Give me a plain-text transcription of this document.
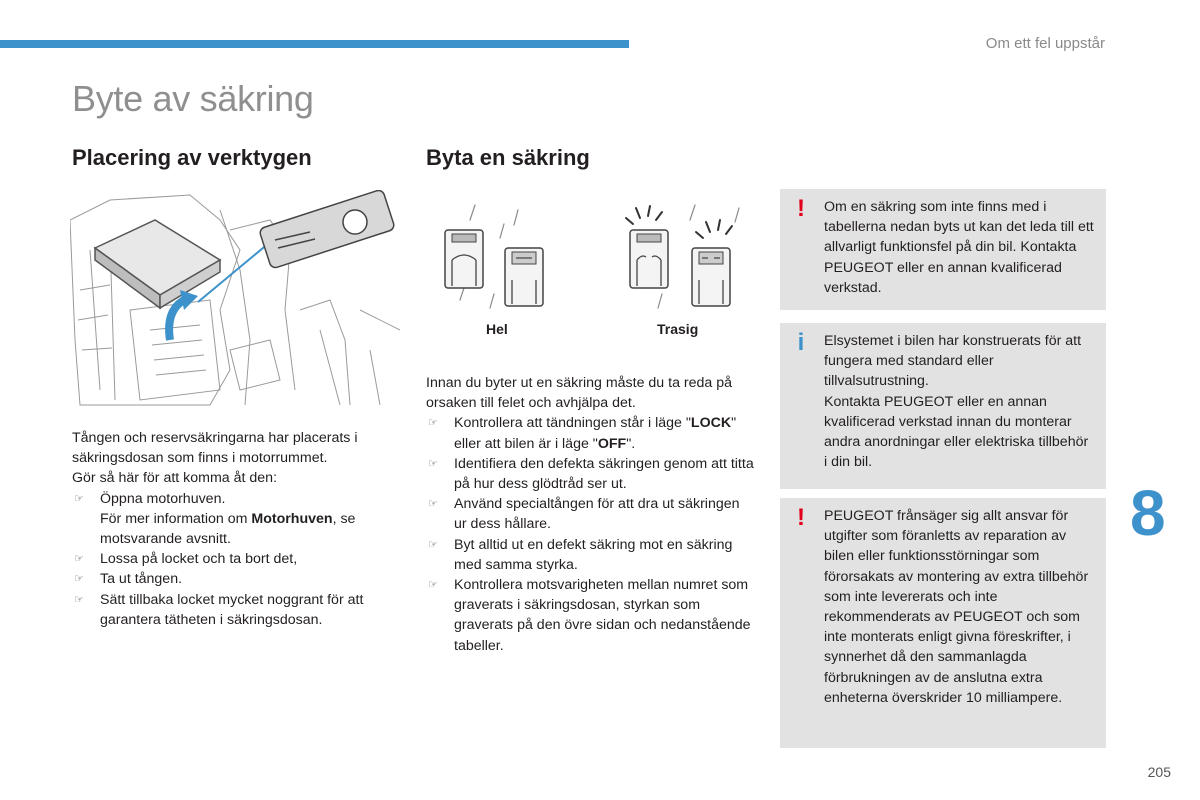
Om ett fel uppstår
Byte av säkring
Placering av verktygen
Tången och reservsäkringarna har placerats i
säkringsdosan som finns i motorrummet.
Gör så här för att komma åt den:
☞ Öppna motorhuven.
För mer information om Motorhuven, se motsvarande avsnitt.
☞ Lossa på locket och ta bort det,
☞ Ta ut tången.
☞ Sätt tillbaka locket mycket noggrant för att garantera tätheten i säkringsdosan.
Byta en säkring
Hel	Trasig
Innan du byter ut en säkring måste du ta reda på orsaken till felet och avhjälpa det.
☞ Kontrollera att tändningen står i läge "LOCK" eller att bilen är i läge "OFF".
☞ Identifiera den defekta säkringen genom att titta på hur dess glödtråd ser ut.
☞ Använd specialtången för att dra ut säkringen ur dess hållare.
☞ Byt alltid ut en defekt säkring mot en säkring med samma styrka.
☞ Kontrollera motsvarigheten mellan numret som graverats i säkringsdosan, styrkan som graverats på den övre sidan och nedanstående tabeller.
! Om en säkring som inte finns med i tabellerna nedan byts ut kan det leda till ett allvarligt funktionsfel på din bil. Kontakta PEUGEOT eller en annan kvalificerad verkstad.
i Elsystemet i bilen har konstruerats för att fungera med standard eller tillvalsutrustning.
Kontakta PEUGEOT eller en annan kvalificerad verkstad innan du monterar andra anordningar eller elektriska tillbehör i din bil.
! PEUGEOT frånsäger sig allt ansvar för utgifter som föranletts av reparation av bilen eller funktionsstörningar som förorsakats av montering av extra tillbehör som inte levererats och inte rekommenderats av PEUGEOT och som inte monterats enligt givna föreskrifter, i synnerhet då den sammanlagda förbrukningen av de anslutna extra enheterna överskrider 10 milliampere.
8
205
